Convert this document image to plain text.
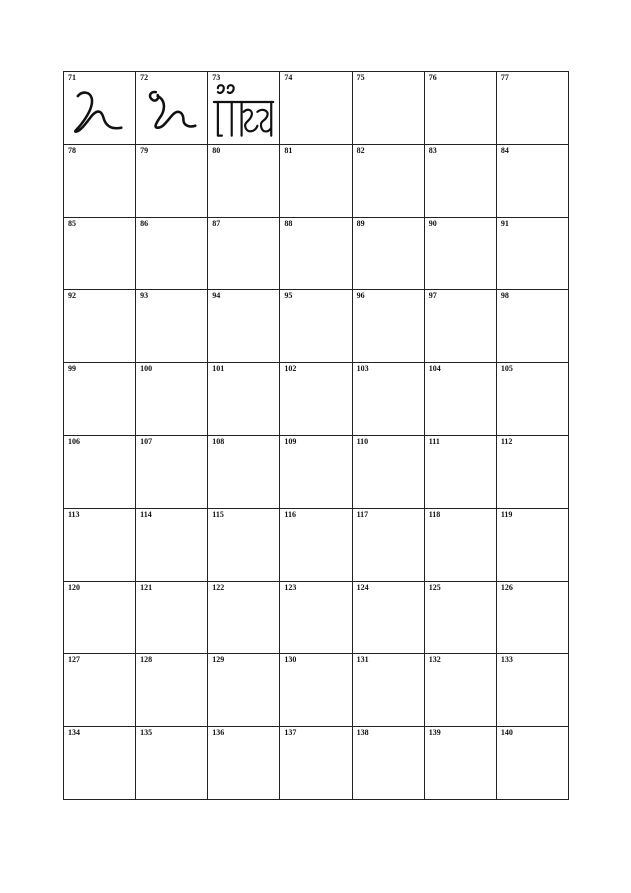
71	72	73	74	75	76	77
78	79	80	81	82	83	84
85	86	87	88	89	90	91
92	93	94	95	96	97	98
99	100	101	102	103	104	105
106	107	108	109	110	111	112
113	114	115	116	117	118	119
120	121	122	123	124	125	126
127	128	129	130	131	132	133
134	135	136	137	138	139	140
